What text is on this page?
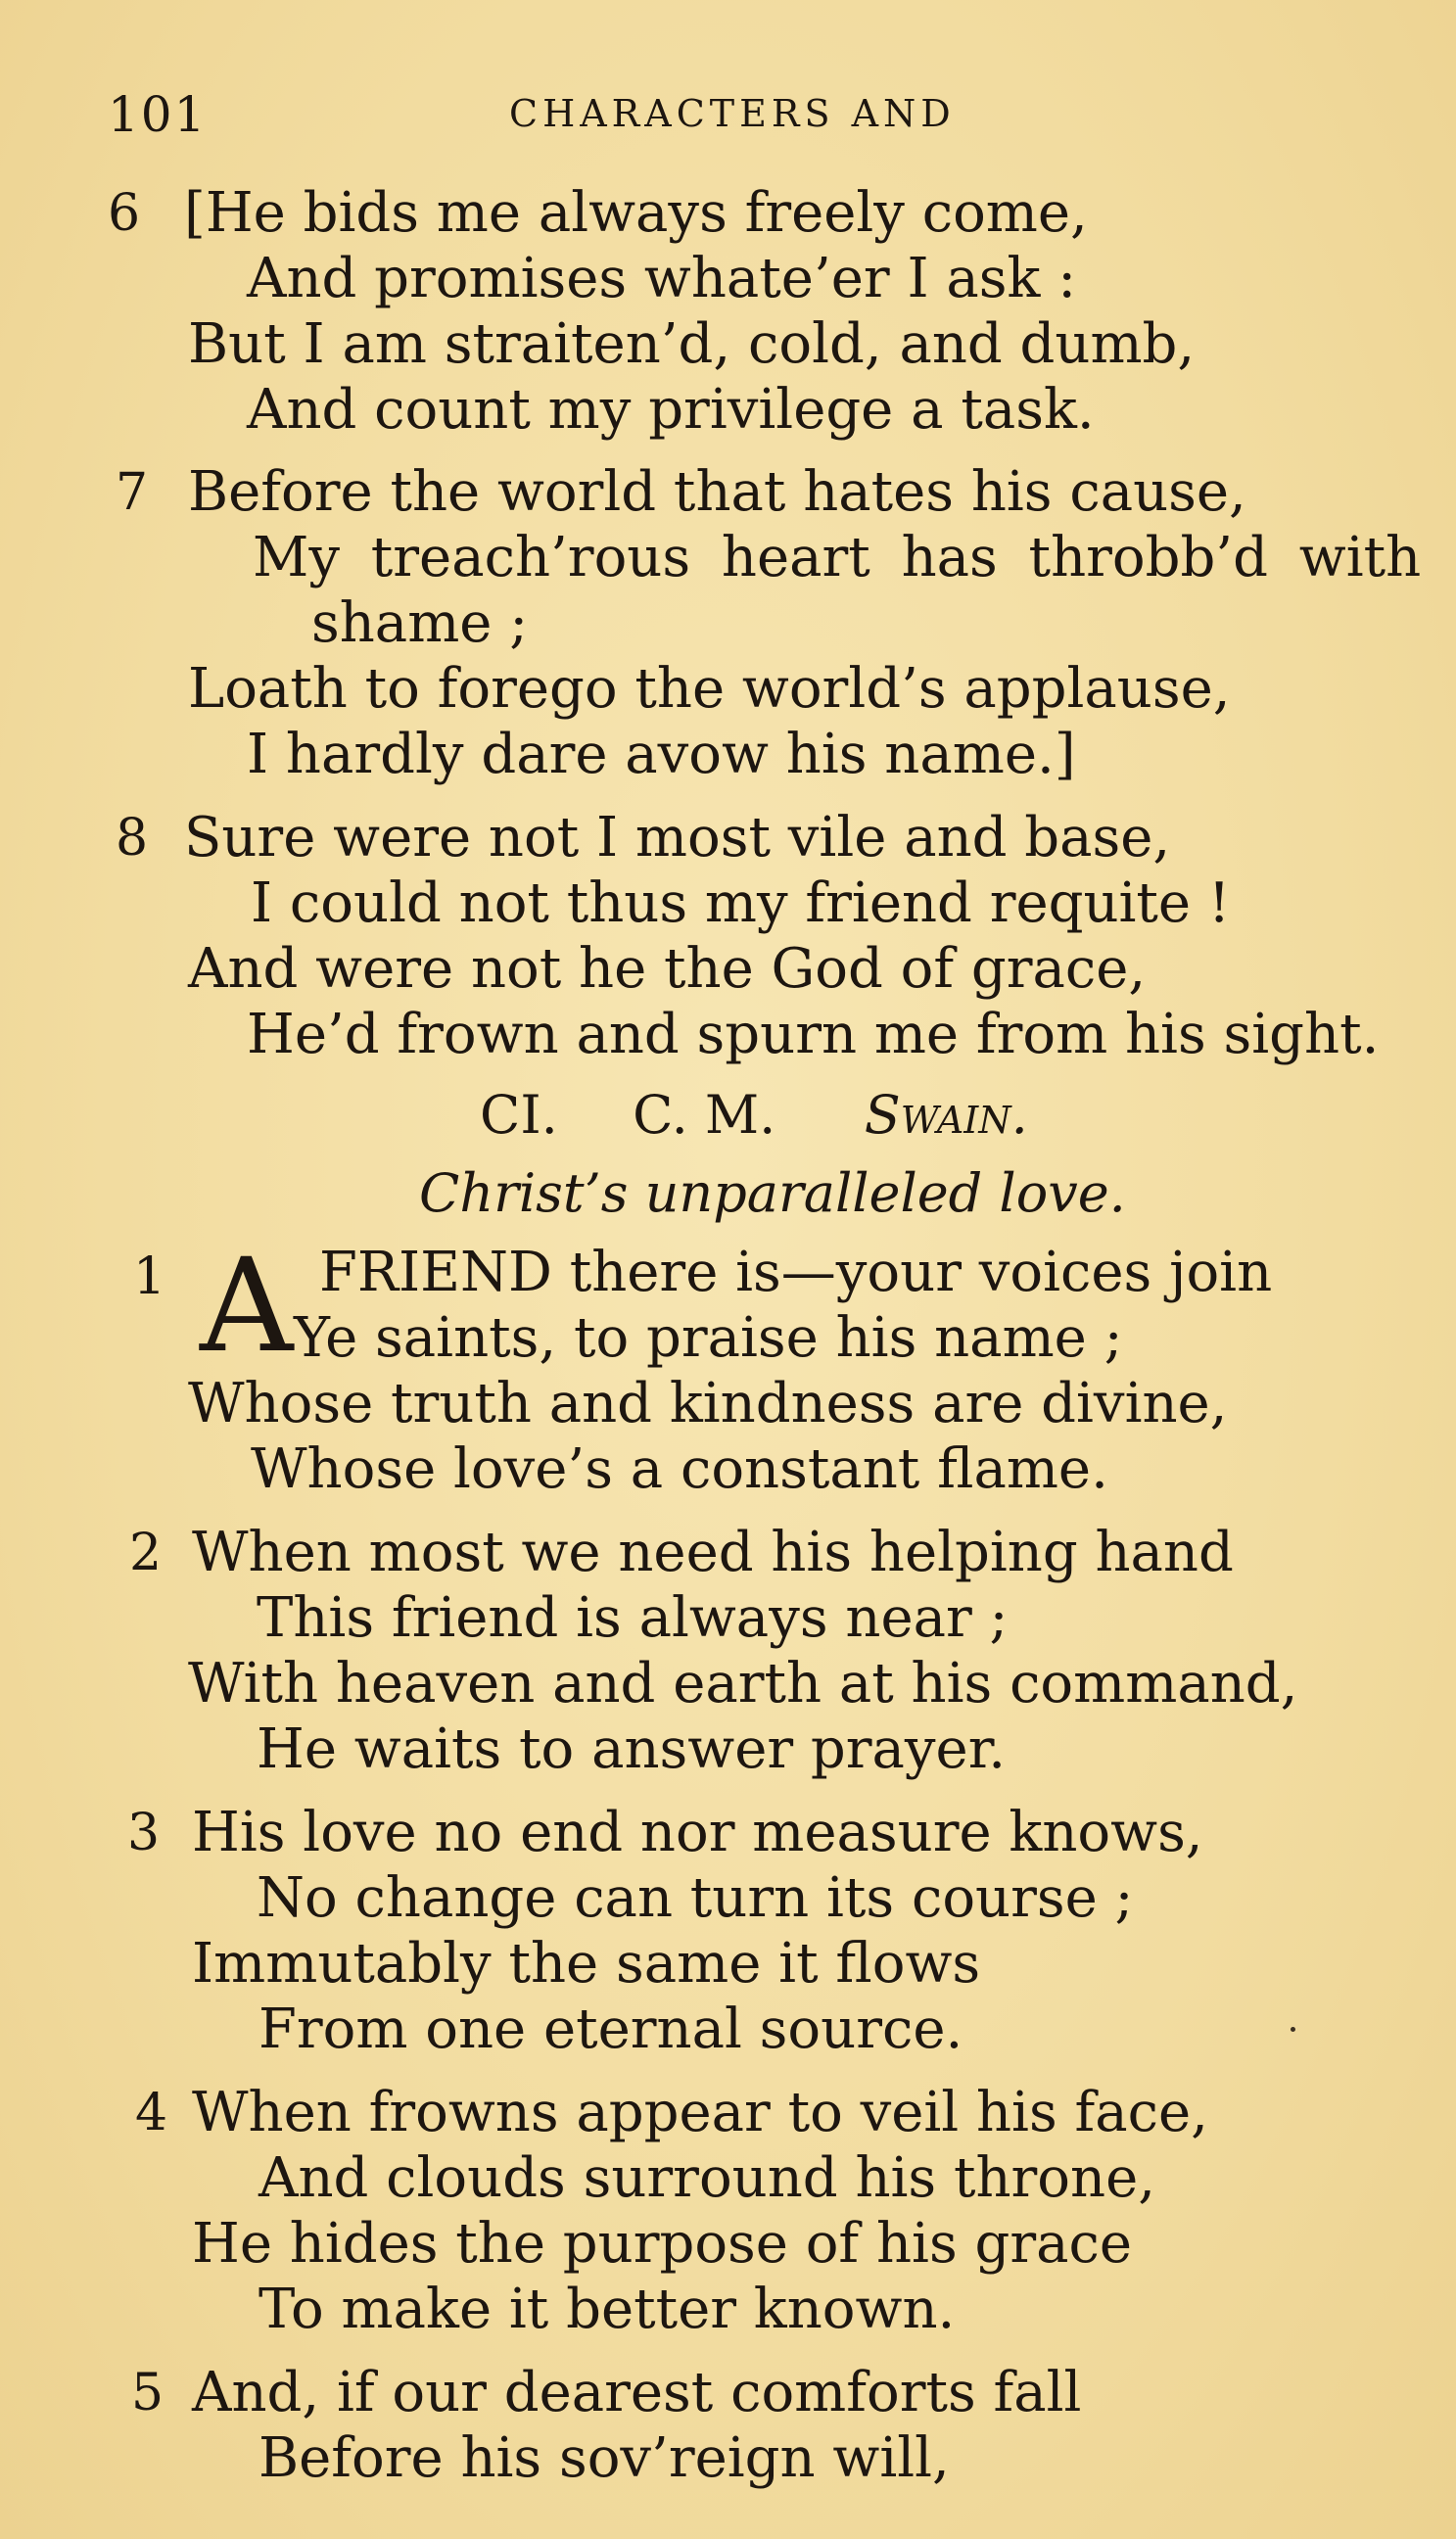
101	CHARACTERS AND
6 [He bids me always freely come,
And promises whate’er I ask :
But I am straiten’d, cold, and dumb,
And count my privilege a task.
7 Before the world that hates his cause,
My treach’rous heart has throbb’d with
shame ;
Loath to forego the world’s applause,
I hardly dare avow his name.]
8 Sure were not I most vile and base,
I could not thus my friend requite !
And were not he the God of grace,
He’d frown and spurn me from his sight.
CI. C. M. Swain.
Christ’s unparalleled love.
1 A FRIEND there is—your voices join
Ye saints, to praise his name ;
Whose truth and kindness are divine,
Whose love’s a constant flame.
2 When most we need his helping hand
This friend is always near ;
With heaven and earth at his command,
He waits to answer prayer.
3 His love no end nor measure knows,
No change can turn its course ;
Immutably the same it flows
From one eternal source.
4 When frowns appear to veil his face,
And clouds surround his throne,
He hides the purpose of his grace
To make it better known.
5 And, if our dearest comforts fall
Before his sov’reign will,
